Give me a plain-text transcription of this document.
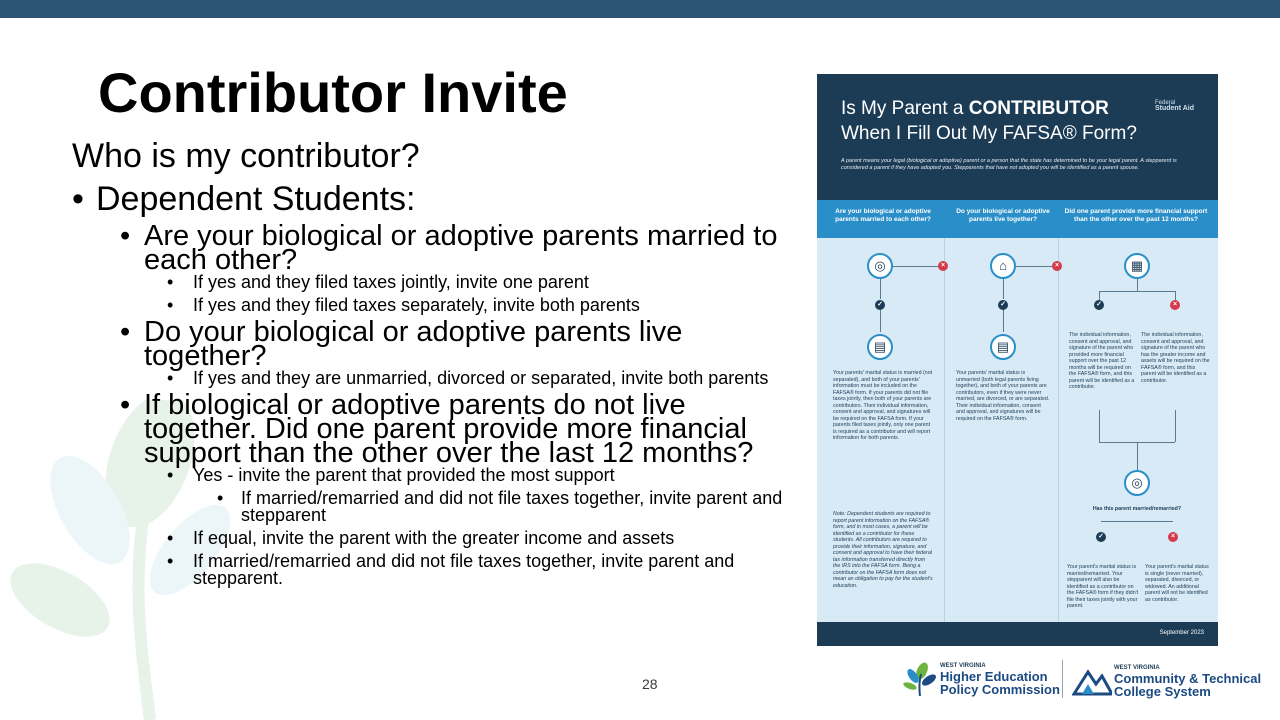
Contributor Invite
Who is my contributor?
• Dependent Students:
• Are your biological or adoptive parents married to each other?
•	If yes and they filed taxes jointly, invite one parent
•	If yes and they filed taxes separately, invite both parents
• Do your biological or adoptive parents live together?
•	If yes and they are unmarried, divorced or separated, invite both parents
• If biological or adoptive parents do not live together. Did one parent provide more financial support than the other over the last 12 months?
•	Yes - invite the parent that provided the most support
• If married/remarried and did not file taxes together, invite parent and stepparent
•	If equal, invite the parent with the greater income and assets
•	If married/remarried and did not file taxes together, invite parent and stepparent.
Is My Parent a CONTRIBUTOR
When I Fill Out My FAFSA® Form?
Federal
Student Aid
A parent means your legal (biological or adoptive) parent or a person that the state has determined to be your legal parent. A stepparent is considered a parent if they have adopted you. Stepparents that have not adopted you will be identified as a parent spouse.
Are your biological or adoptive parents married to each other?
Do your biological or adoptive parents live together?
Did one parent provide more financial support than the other over the past 12 months?
◎	×
✓
▤
Your parents' marital status is married (not separated), and both of your parents' information must be included on the FAFSA® form. If your parents did not file taxes jointly, then both of your parents are contributors. Their individual information, consent and approval, and signatures will be required on the FAFSA form. If your parents filed taxes jointly, only one parent is required as a contributor and will report information for both parents.
Note: Dependent students are required to report parent information on the FAFSA® form, and in most cases, a parent will be identified as a contributor for these students. All contributors are required to provide their information, signature, and consent and approval to have their federal tax information transferred directly from the IRS into the FAFSA form. Being a contributor on the FAFSA form does not mean an obligation to pay for the student's education.
⌂	×
✓
▤
Your parents' marital status is unmarried (both legal parents living together), and both of your parents are contributors, even if they were never married, are divorced, or are separated. Their individual information, consent and approval, and signatures will be required on the FAFSA® form.
▦
✓	×
The individual information, consent and approval, and signature of the parent who provided more financial support over the past 12 months will be required on the FAFSA® form, and this parent will be identified as a contributor.
The individual information, consent and approval, and signature of the parent who has the greater income and assets will be required on the FAFSA® form, and this parent will be identified as a contributor.
◎
Has this parent married/remarried?
✓	×
Your parent's marital status is married/remarried. Your stepparent will also be identified as a contributor on the FAFSA® form if they didn't file their taxes jointly with your parent.
Your parent's marital status is single (never married), separated, divorced, or widowed. An additional parent will not be identified as contributor.
September 2023
28
WEST VIRGINIA
Higher Education
Policy Commission
WEST VIRGINIA
Community & Technical
College System
